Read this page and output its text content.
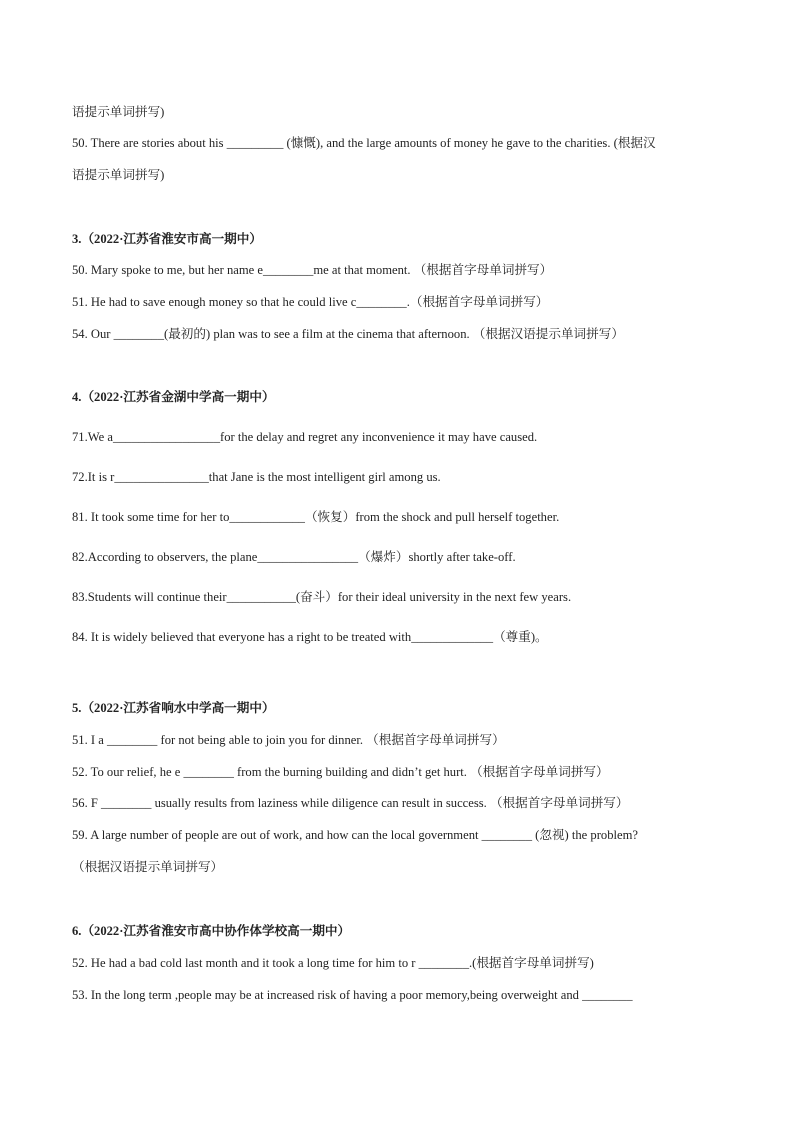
语提示单词拼写)
50. There are stories about his _________ (慷慨), and the large amounts of money he gave to the charities. (根据汉
语提示单词拼写)
3.（2022·江苏省淮安市高一期中）
50. Mary spoke to me, but her name e________me at that moment. （根据首字母单词拼写）
51. He had to save enough money so that he could live c________.（根据首字母单词拼写）
54. Our ________(最初的) plan was to see a film at the cinema that afternoon. （根据汉语提示单词拼写）
4.（2022·江苏省金湖中学高一期中）
71.We a_________________for the delay and regret any inconvenience it may have caused.
72.It is r_______________that Jane is the most intelligent girl among us.
81. It took some time for her to____________（恢复）from the shock and pull herself together.
82.According to observers, the plane________________（爆炸）shortly after take-off.
83.Students will continue their___________(奋斗）for their ideal university in the next few years.
84. It is widely believed that everyone has a right to be treated with_____________（尊重)。
5.（2022·江苏省响水中学高一期中）
51. I a ________ for not being able to join you for dinner. （根据首字母单词拼写）
52. To our relief, he e ________ from the burning building and didn’t get hurt. （根据首字母单词拼写）
56. F ________ usually results from laziness while diligence can result in success. （根据首字母单词拼写）
59. A large number of people are out of work, and how can the local government ________ (忽视) the problem?
（根据汉语提示单词拼写）
6.（2022·江苏省淮安市高中协作体学校高一期中）
52. He had a bad cold last month and it took a long time for him to r ________.(根据首字母单词拼写)
53. In the long term ,people may be at increased risk of having a poor memory,being overweight and ________
